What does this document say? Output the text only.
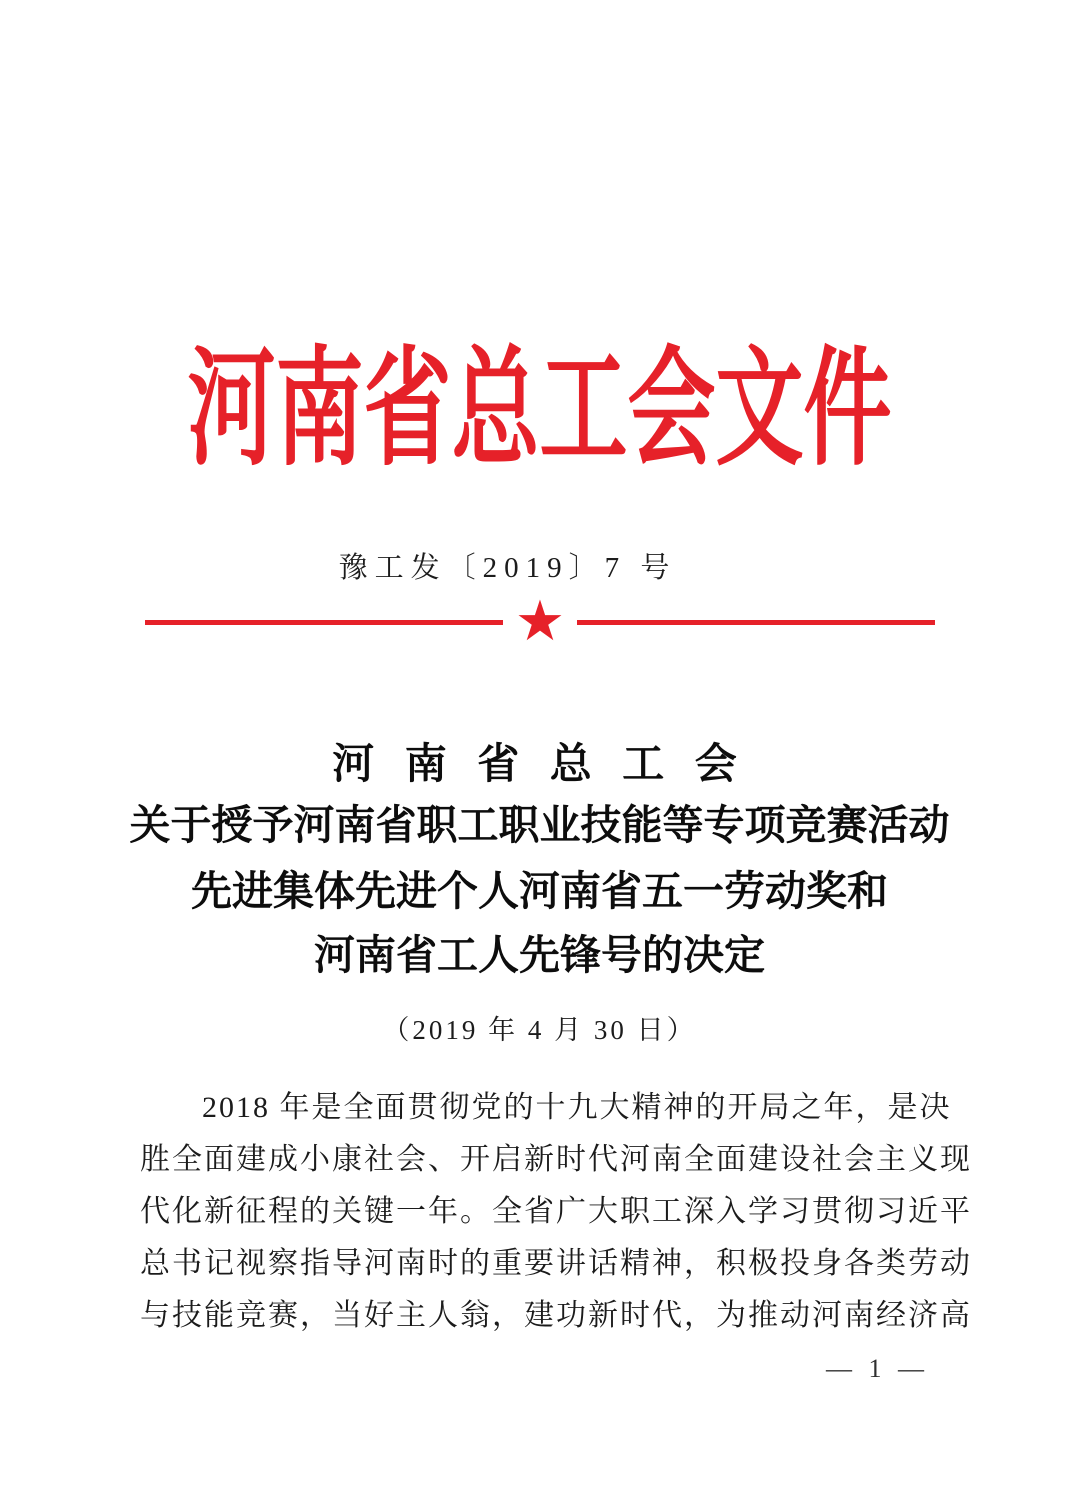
河南省总工会文件
豫工发〔2019〕7 号
★
河 南 省 总 工 会
关于授予河南省职工职业技能等专项竞赛活动
先进集体先进个人河南省五一劳动奖和
河南省工人先锋号的决定
（2019 年 4 月 30 日）
2018 年是全面贯彻党的十九大精神的开局之年，是决
胜全面建成小康社会、开启新时代河南全面建设社会主义现
代化新征程的关键一年。全省广大职工深入学习贯彻习近平
总书记视察指导河南时的重要讲话精神，积极投身各类劳动
与技能竞赛，当好主人翁，建功新时代，为推动河南经济高
— 1 —
